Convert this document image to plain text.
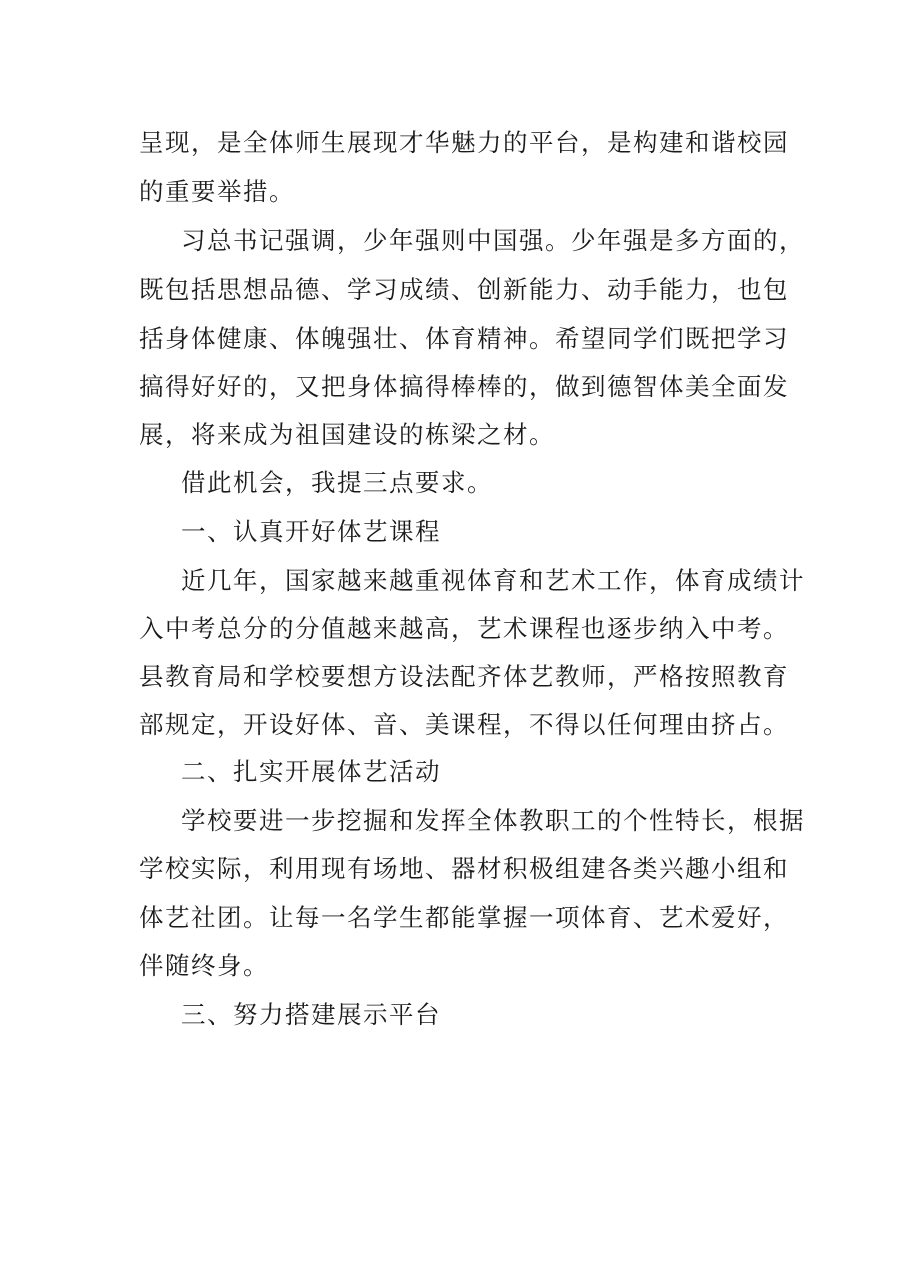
呈现，是全体师生展现才华魅力的平台，是构建和谐校园
的重要举措。
习总书记强调，少年强则中国强。少年强是多方面的，
既包括思想品德、学习成绩、创新能力、动手能力，也包
括身体健康、体魄强壮、体育精神。希望同学们既把学习
搞得好好的，又把身体搞得棒棒的，做到德智体美全面发
展，将来成为祖国建设的栋梁之材。
借此机会，我提三点要求。
一、认真开好体艺课程
近几年，国家越来越重视体育和艺术工作，体育成绩计
入中考总分的分值越来越高，艺术课程也逐步纳入中考。
县教育局和学校要想方设法配齐体艺教师，严格按照教育
部规定，开设好体、音、美课程，不得以任何理由挤占。
二、扎实开展体艺活动
学校要进一步挖掘和发挥全体教职工的个性特长，根据
学校实际，利用现有场地、器材积极组建各类兴趣小组和
体艺社团。让每一名学生都能掌握一项体育、艺术爱好，
伴随终身。
三、努力搭建展示平台
